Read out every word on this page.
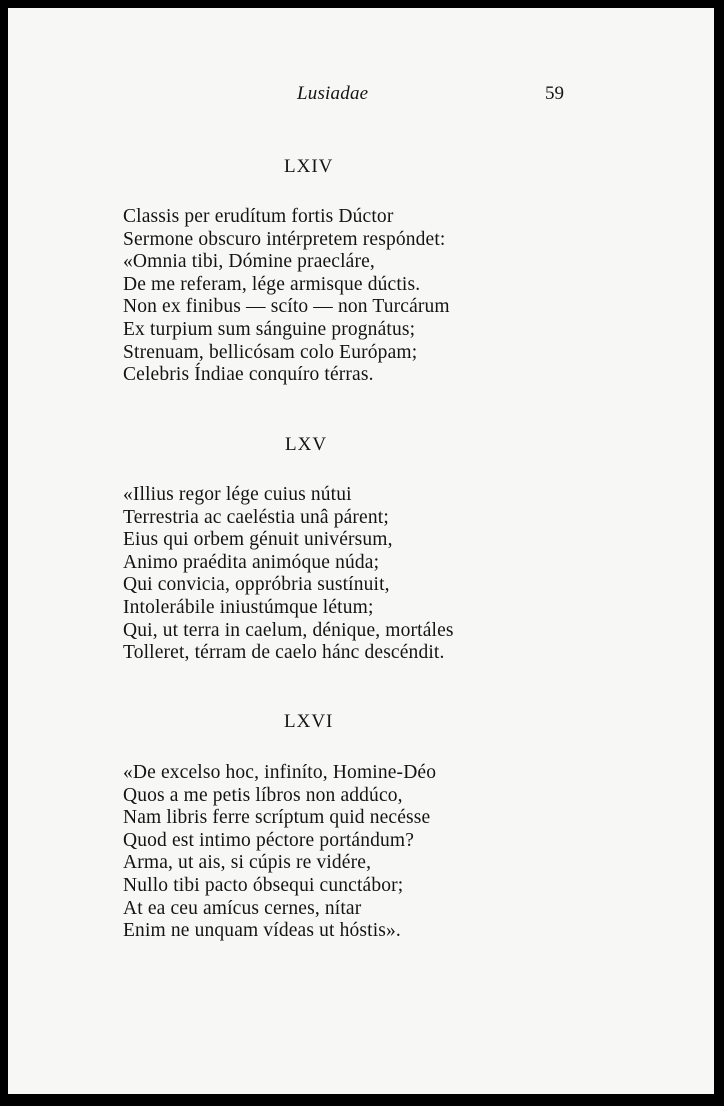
Lusiadae	59
LXIV
Classis per erudítum fortis Dúctor
Sermone obscuro intérpretem respóndet:
«Omnia tibi, Dómine praecláre,
De me referam, lége armisque dúctis.
Non ex finibus — scíto — non Turcárum
Ex turpium sum sánguine prognátus;
Strenuam, bellicósam colo Európam;
Celebris Índiae conquíro térras.
LXV
«Illius regor lége cuius nútui
Terrestria ac caeléstia unâ párent;
Eius qui orbem génuit univérsum,
Animo praédita animóque núda;
Qui convicia, oppróbria sustínuit,
Intolerábile iniustúmque létum;
Qui, ut terra in caelum, dénique, mortáles
Tolleret, térram de caelo hánc descéndit.
LXVI
«De excelso hoc, infiníto, Homine-Déo
Quos a me petis líbros non addúco,
Nam libris ferre scríptum quid necésse
Quod est intimo péctore portándum?
Arma, ut ais, si cúpis re vidére,
Nullo tibi pacto óbsequi cunctábor;
At ea ceu amícus cernes, nítar
Enim ne unquam vídeas ut hóstis».
